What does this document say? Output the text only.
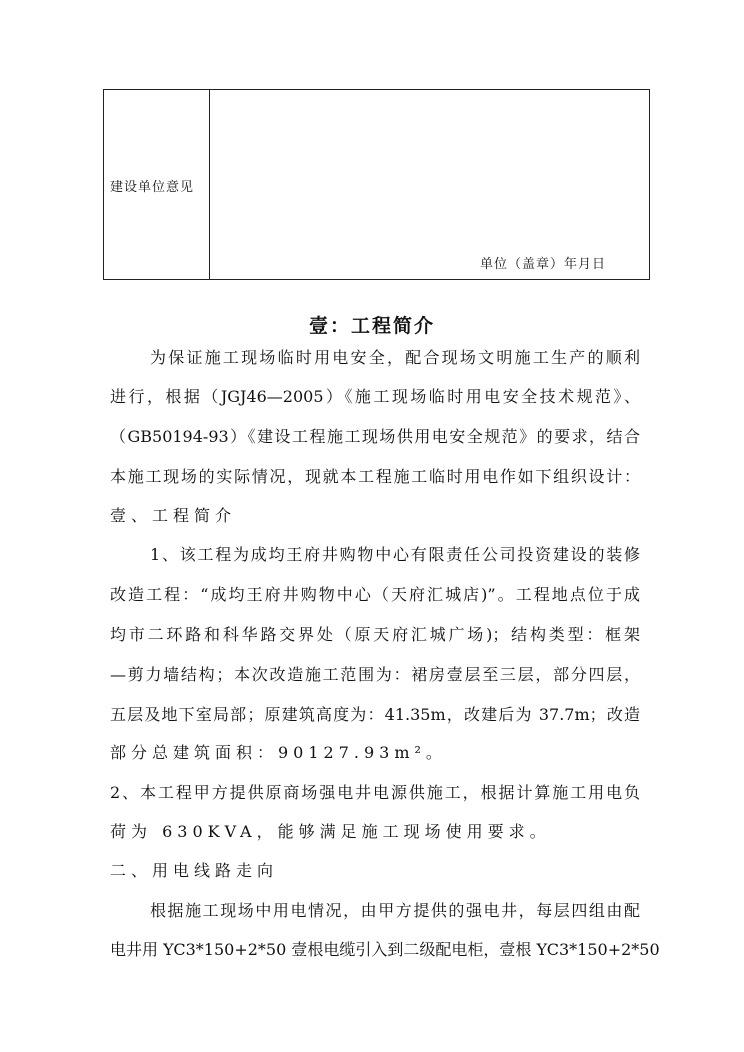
建设单位意见
单位（盖章）年月日
壹：工程简介
为保证施工现场临时用电安全，配合现场文明施工生产的顺利
进行，根据（JGJ46—2005）《施工现场临时用电安全技术规范》、
（GB50194-93）《建设工程施工现场供用电安全规范》的要求，结合
本施工现场的实际情况，现就本工程施工临时用电作如下组织设计：
壹、工程简介
1、该工程为成均王府井购物中心有限责任公司投资建设的装修
改造工程：“成均王府井购物中心（天府汇城店)”。工程地点位于成
均市二环路和科华路交界处（原天府汇城广场)；结构类型：框架
—剪力墙结构；本次改造施工范围为：裙房壹层至三层，部分四层，
五层及地下室局部；原建筑高度为：41.35m，改建后为 37.7m；改造
部分总建筑面积：90127.93m²。
2、本工程甲方提供原商场强电井电源供施工，根据计算施工用电负
荷为 630KVA，能够满足施工现场使用要求。
二、用电线路走向
根据施工现场中用电情况，由甲方提供的强电井，每层四组由配
电井用 YC3*150+2*50 壹根电缆引入到二级配电柜，壹根 YC3*150+2*50
